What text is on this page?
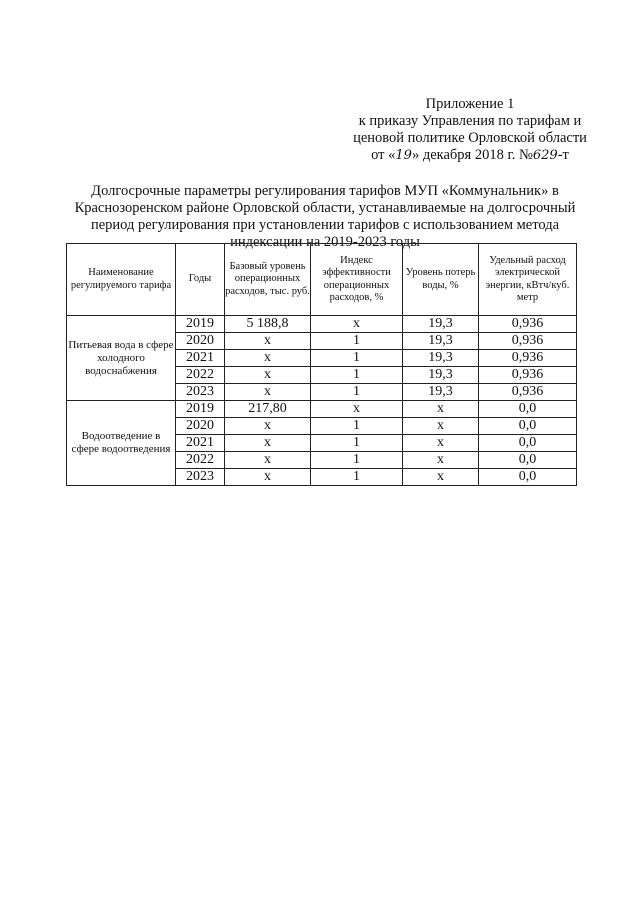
Приложение 1
к приказу Управления по тарифам и
ценовой политике Орловской области
от «19» декабря 2018 г. №629-т
Долгосрочные параметры регулирования тарифов МУП «Коммунальник» в Краснозоренском районе Орловской области, устанавливаемые на долгосрочный период регулирования при установлении тарифов с использованием метода индексации на 2019-2023 годы
Наименование регулируемого тарифа	Годы	Базовый уровень операционных расходов, тыс. руб.	Индекс эффективности операционных расходов, %	Уровень потерь воды, %	Удельный расход электрической энергии, кВтч/куб. метр
Питьевая вода в сфере холодного водоснабжения	2019	5 188,8	х	19,3	0,936
	2020	х	1	19,3	0,936
	2021	х	1	19,3	0,936
	2022	х	1	19,3	0,936
	2023	х	1	19,3	0,936
Водоотведение в сфере водоотведения	2019	217,80	х	х	0,0
	2020	х	1	х	0,0
	2021	х	1	х	0,0
	2022	х	1	х	0,0
	2023	х	1	х	0,0
